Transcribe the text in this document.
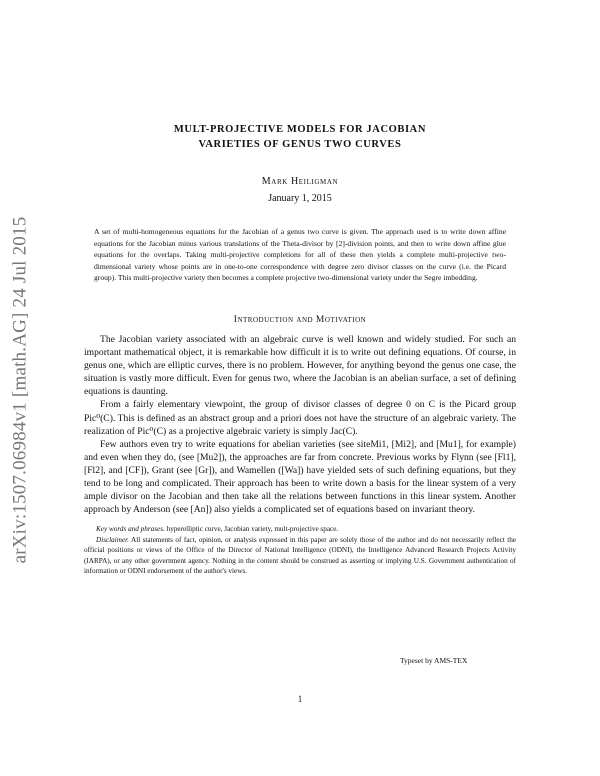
arXiv:1507.06984v1 [math.AG] 24 Jul 2015

MULT-PROJECTIVE MODELS FOR JACOBIAN
VARIETIES OF GENUS TWO CURVES

Mark Heiligman
January 1, 2015
A set of multi-homogeneous equations for the Jacobian of a genus two curve is given. The approach used is to write down affine equations for the Jacobian minus various translations of the Theta-divisor by [2]-division points, and then to write down affine glue equations for the overlaps. Taking multi-projective completions for all of these then yields a complete multi-projective two-dimensional variety whose points are in one-to-one correspondence with degree zero divisor classes on the curve (i.e. the Picard group). This multi-projective variety then becomes a complete projective two-dimensional variety under the Segre imbedding.
Introduction and Motivation

The Jacobian variety associated with an algebraic curve is well known and widely studied. For such an important mathematical object, it is remarkable how difficult it is to write out defining equations. Of course, in genus one, which are elliptic curves, there is no problem. However, for anything beyond the genus one case, the situation is vastly more difficult. Even for genus two, where the Jacobian is an abelian surface, a set of defining equations is daunting.

From a fairly elementary viewpoint, the group of divisor classes of degree 0 on C is the Picard group Pic⁰(C). This is defined as an abstract group and a priori does not have the structure of an algebraic variety. The realization of Pic⁰(C) as a projective algebraic variety is simply Jac(C).

Few authors even try to write equations for abelian varieties (see siteMi1, [Mi2], and [Mu1], for example) and even when they do, (see [Mu2]), the approaches are far from concrete. Previous works by Flynn (see [Fl1], [Fl2], and [CF]), Grant (see [Gr]), and Wamellen ([Wa]) have yielded sets of such defining equations, but they tend to be long and complicated. Their approach has been to write down a basis for the linear system of a very ample divisor on the Jacobian and then take all the relations between functions in this linear system. Another approach by Anderson (see [An]) also yields a complicated set of equations based on invariant theory.

Key words and phrases. hyperelliptic curve, Jacobian variety, mult-projective space.
Disclaimer. All statements of fact, opinion, or analysis expressed in this paper are solely those of the author and do not necessarily reflect the official positions or views of the Office of the Director of National Intelligence (ODNI), the Intelligence Advanced Research Projects Activity (IARPA), or any other government agency. Nothing in the content should be construed as asserting or implying U.S. Government authentication of information or ODNI endorsement of the author's views.
Typeset by AMS-TEX
1
